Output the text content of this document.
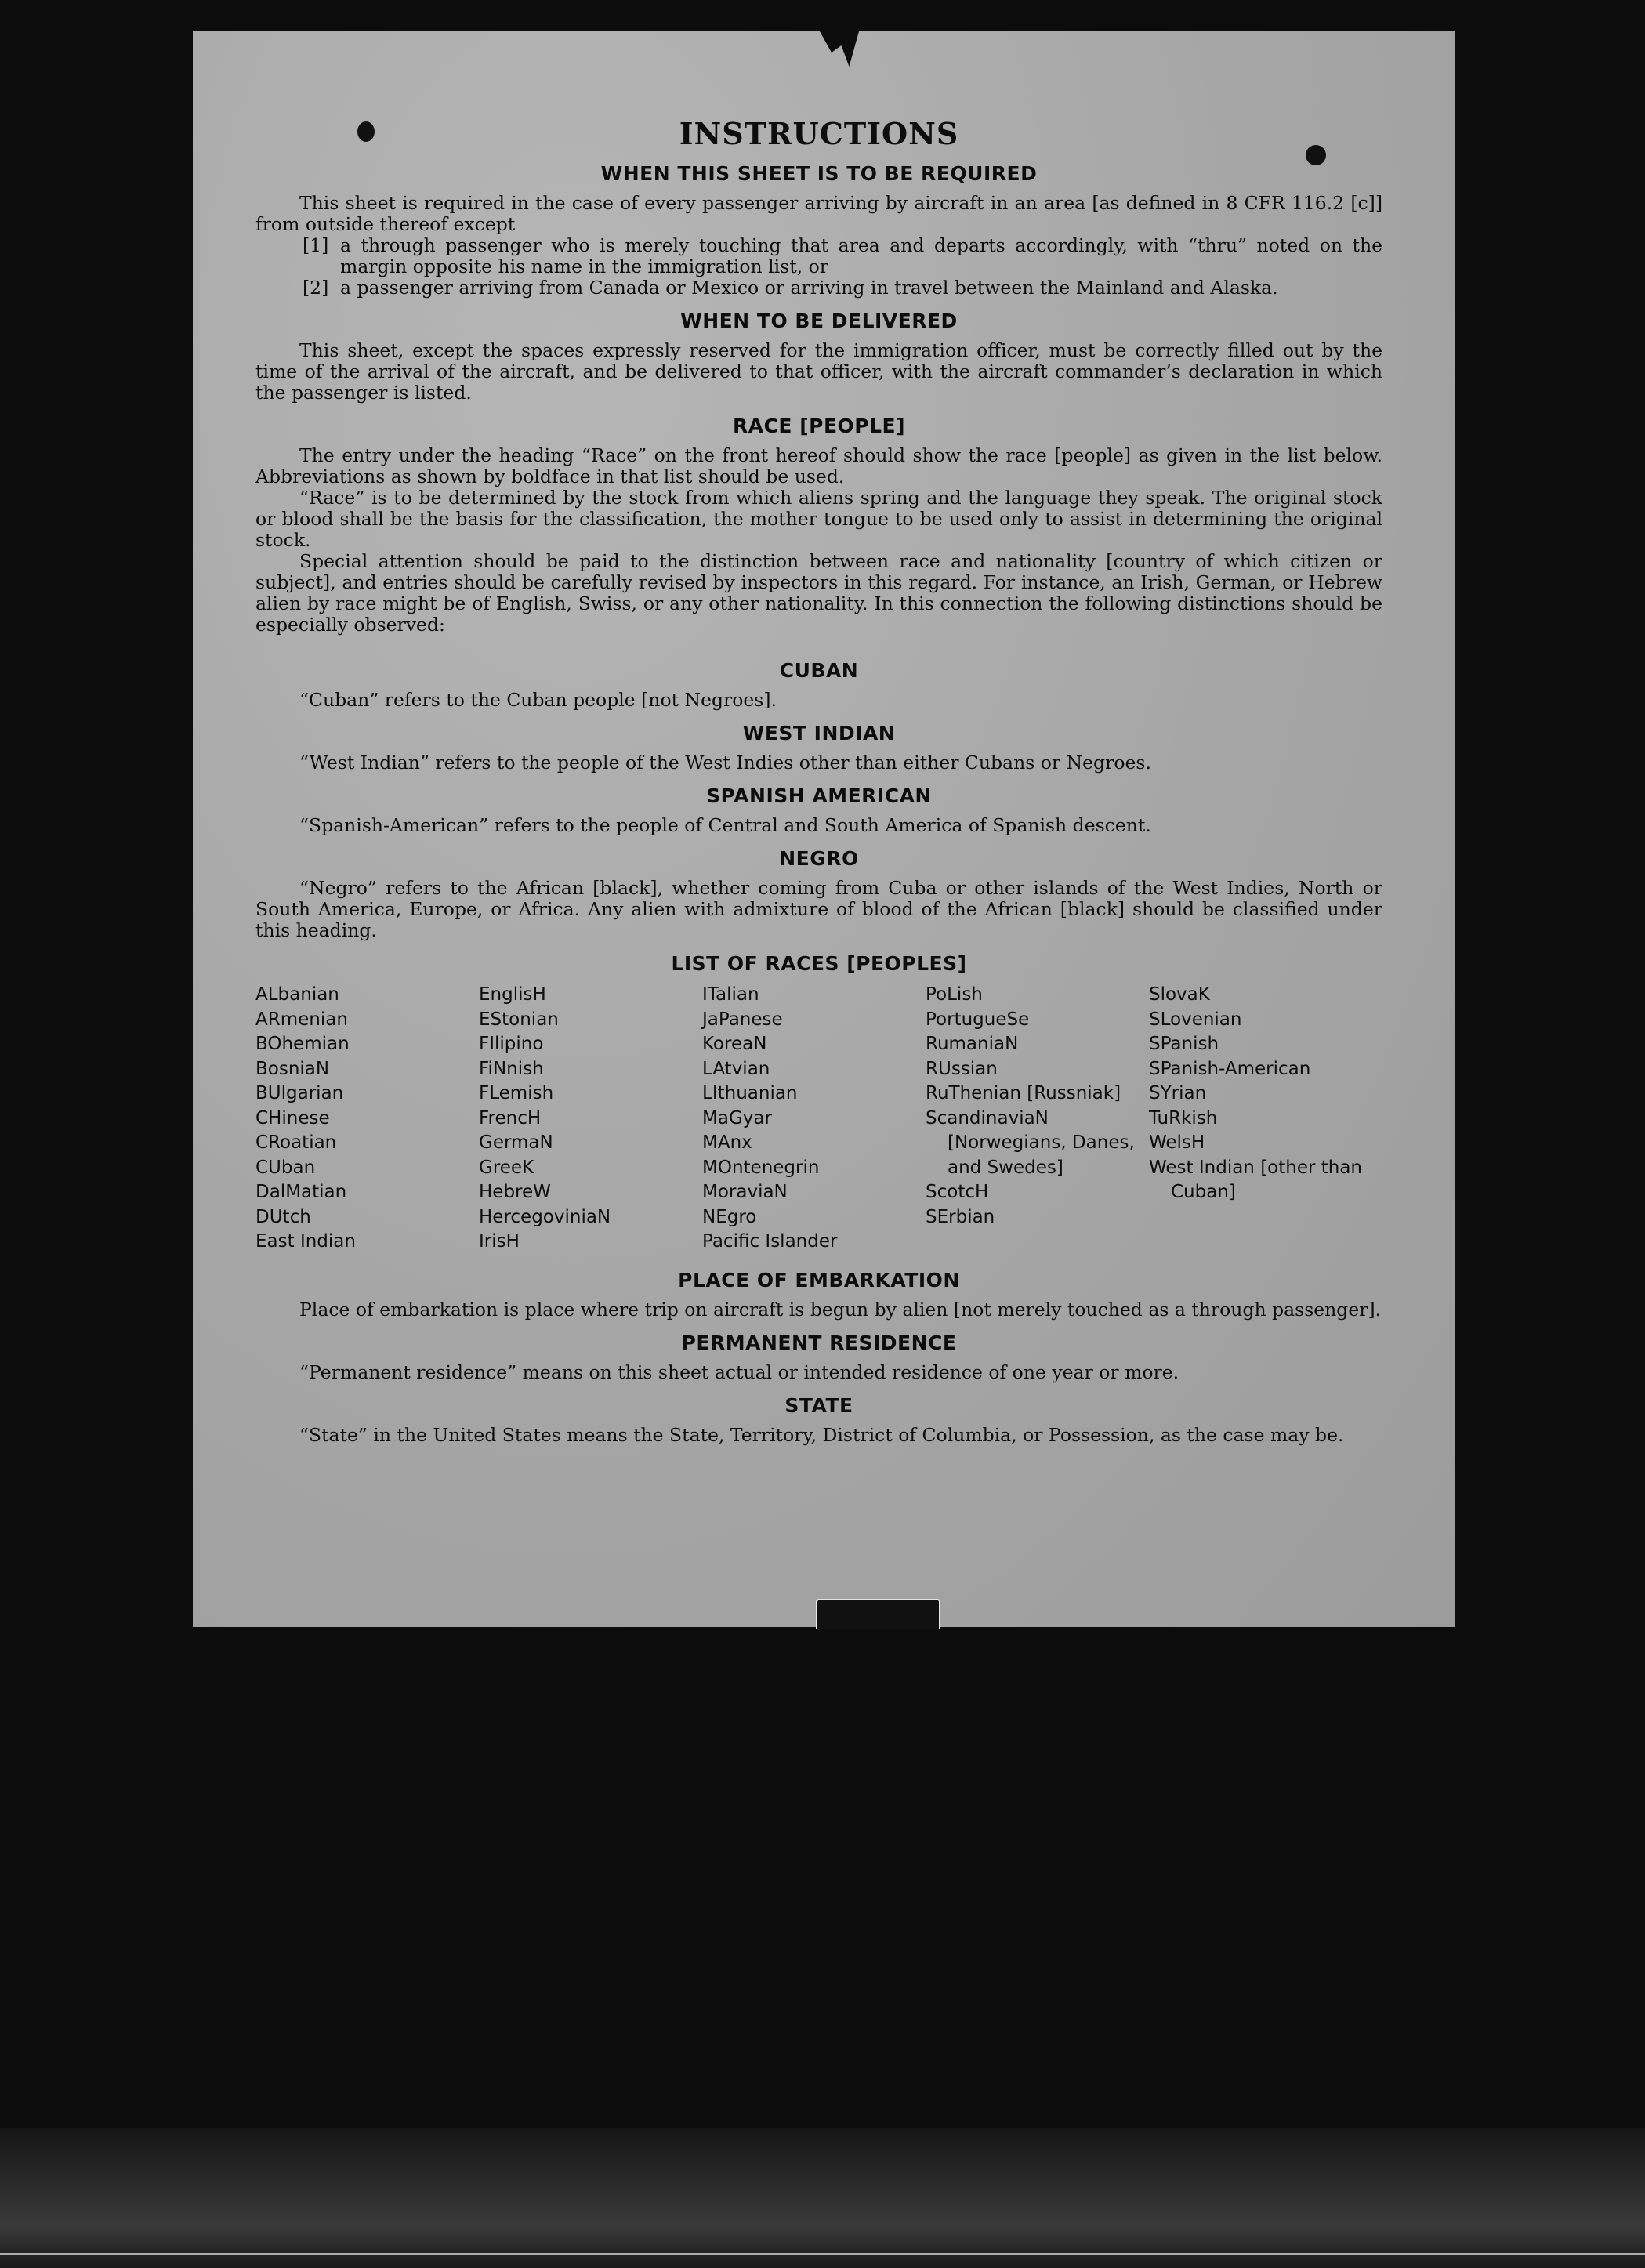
INSTRUCTIONS
WHEN THIS SHEET IS TO BE REQUIRED

This sheet is required in the case of every passenger arriving by aircraft in an area [as defined in 8 CFR 116.2 [c]] from outside thereof except

[1] a through passenger who is merely touching that area and departs accordingly, with “thru” noted on the margin opposite his name in the immigration list, or
[2] a passenger arriving from Canada or Mexico or arriving in travel between the Mainland and Alaska.
WHEN TO BE DELIVERED

This sheet, except the spaces expressly reserved for the immigration officer, must be correctly filled out by the time of the arrival of the aircraft, and be delivered to that officer, with the aircraft commander’s declaration in which the passenger is listed.

RACE [PEOPLE]

The entry under the heading “Race” on the front hereof should show the race [people] as given in the list below. Abbreviations as shown by boldface in that list should be used.

“Race” is to be determined by the stock from which aliens spring and the language they speak. The original stock or blood shall be the basis for the classification, the mother tongue to be used only to assist in determining the original stock.

Special attention should be paid to the distinction between race and nationality [country of which citizen or subject], and entries should be carefully revised by inspectors in this regard. For instance, an Irish, German, or Hebrew alien by race might be of English, Swiss, or any other nationality. In this connection the following distinctions should be especially observed:

CUBAN

“Cuban” refers to the Cuban people [not Negroes].

WEST INDIAN

“West Indian” refers to the people of the West Indies other than either Cubans or Negroes.

SPANISH AMERICAN

“Spanish-American” refers to the people of Central and South America of Spanish descent.

NEGRO

“Negro” refers to the African [black], whether coming from Cuba or other islands of the West Indies, North or South America, Europe, or Africa. Any alien with admixture of blood of the African [black] should be classified under this heading.

LIST OF RACES [PEOPLES]
ALbanian
ARmenian
BOhemian
BosniaN
BUlgarian
CHinese
CRoatian
CUban
DalMatian
DUtch
East Indian
EnglisH
EStonian
FIlipino
FiNnish
FLemish
FrencH
GermaN
GreeK
HebreW
HercegoviniaN
IrisH
ITalian
JaPanese
KoreaN
LAtvian
LIthuanian
MaGyar
MAnx
MOntenegrin
MoraviaN
NEgro
Pacific Islander
PoLish
PortugueSe
RumaniaN
RUssian
RuThenian [Russniak]
ScandinaviaN [Norwegians, Danes, and Swedes]
ScotcH
SErbian
SlovaK
SLovenian
SPanish
SPanish-American
SYrian
TuRkish
WelsH
West Indian [other than Cuban]
PLACE OF EMBARKATION

Place of embarkation is place where trip on aircraft is begun by alien [not merely touched as a through passenger].

PERMANENT RESIDENCE

“Permanent residence” means on this sheet actual or intended residence of one year or more.

STATE

“State” in the United States means the State, Territory, District of Columbia, or Possession, as the case may be.
